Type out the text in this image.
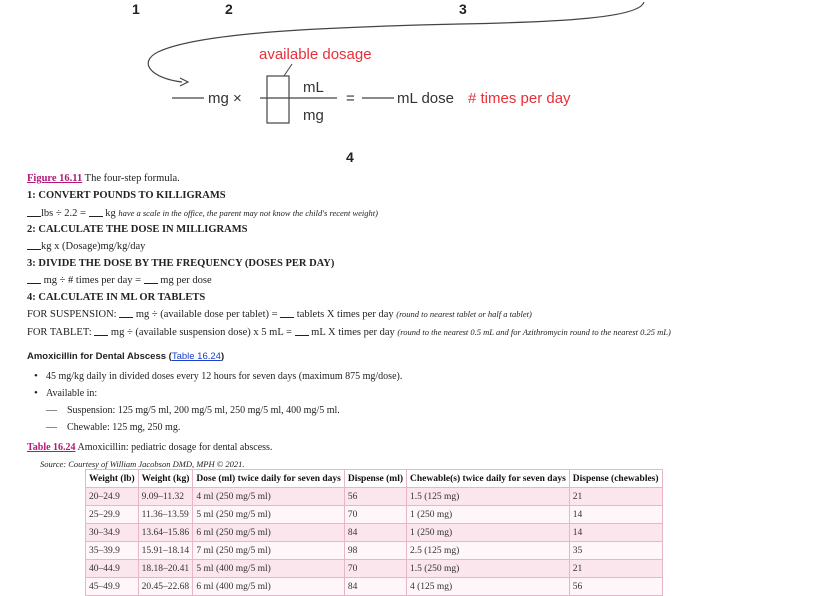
1	2	3
4
available dosage
mg ×
mL
mg
=	mL dose # times per day
Figure 16.11 The four-step formula.
1: CONVERT POUNDS TO KILLIGRAMS
lbs ÷ 2.2 = kg have a scale in the office, the parent may not know the child's recent weight)
2: CALCULATE THE DOSE IN MILLIGRAMS
kg x (Dosage)mg/kg/day
3: DIVIDE THE DOSE BY THE FREQUENCY (DOSES PER DAY)
mg ÷ # times per day = mg per dose
4: CALCULATE IN ML OR TABLETS
FOR SUSPENSION: mg ÷ (available dose per tablet) = tablets X times per day (round to nearest tablet or half a tablet)
FOR TABLET: mg ÷ (available suspension dose) x 5 mL = mL X times per day (round to the nearest 0.5 mL and for Azithromycin round to the nearest 0.25 mL)
Amoxicillin for Dental Abscess (Table 16.24)
• 45 mg/kg daily in divided doses every 12 hours for seven days (maximum 875 mg/dose).
• Available in:
— Suspension: 125 mg/5 ml, 200 mg/5 ml, 250 mg/5 ml, 400 mg/5 ml.
— Chewable: 125 mg, 250 mg.
Table 16.24 Amoxicillin: pediatric dosage for dental abscess.
Source: Courtesy of William Jacobson DMD, MPH © 2021.
Weight (lb)	Weight (kg)	Dose (ml) twice daily for seven days	Dispense (ml)	Chewable(s) twice daily for seven days	Dispense (chewables)
20–24.9	9.09–11.32	4 ml (250 mg/5 ml)	56	1.5 (125 mg)	21
25–29.9	11.36–13.59	5 ml (250 mg/5 ml)	70	1 (250 mg)	14
30–34.9	13.64–15.86	6 ml (250 mg/5 ml)	84	1 (250 mg)	14
35–39.9	15.91–18.14	7 ml (250 mg/5 ml)	98	2.5 (125 mg)	35
40–44.9	18.18–20.41	5 ml (400 mg/5 ml)	70	1.5 (250 mg)	21
45–49.9	20.45–22.68	6 ml (400 mg/5 ml)	84	4 (125 mg)	56
